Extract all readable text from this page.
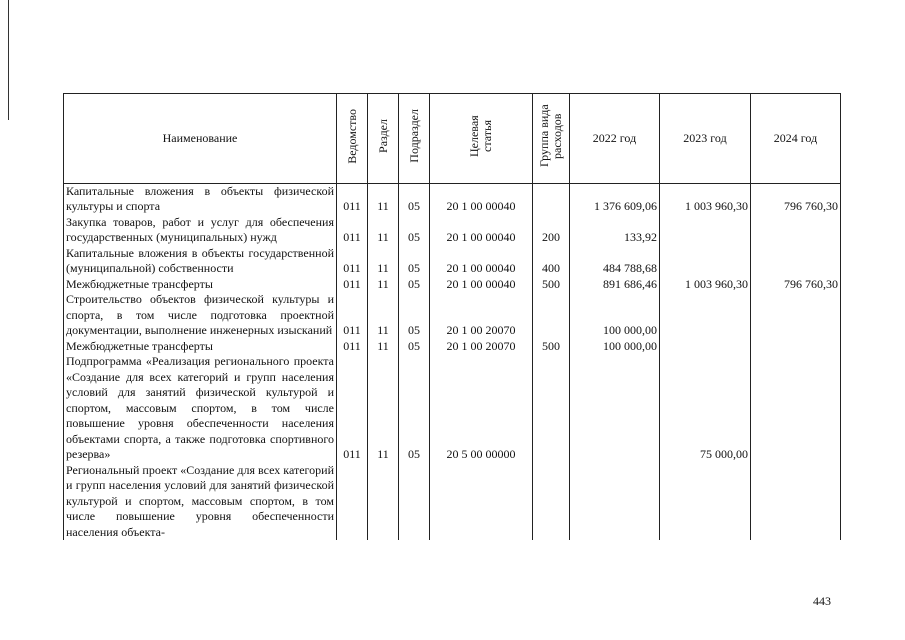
Наименование	Ведомство	Раздел	Подраздел	Целевая статья	Группа вида расходов	2022 год	2023 год	2024 год
Капитальные вложения в объекты физической культуры и спорта	011	11	05	20 1 00 00040		1 376 609,06	1 003 960,30	796 760,30
Закупка товаров, работ и услуг для обеспечения государственных (муниципальных) нужд	011	11	05	20 1 00 00040	200	133,92		
Капитальные вложения в объекты государственной (муниципальной) собственности	011	11	05	20 1 00 00040	400	484 788,68		
Межбюджетные трансферты	011	11	05	20 1 00 00040	500	891 686,46	1 003 960,30	796 760,30
Строительство объектов физической культуры и спорта, в том числе подготовка проектной документации, выполнение инженерных изысканий	011	11	05	20 1 00 20070		100 000,00		
Межбюджетные трансферты	011	11	05	20 1 00 20070	500	100 000,00		
Подпрограмма «Реализация регионального проекта «Создание для всех категорий и групп населения условий для занятий физической культурой и спортом, массовым спортом, в том числе повышение уровня обеспеченности населения объектами спорта, а также подготовка спортивного резерва»	011	11	05	20 5 00 00000			75 000,00	
Региональный проект «Создание для всех категорий и групп населения условий для занятий физической культурой и спортом, массовым спортом, в том числе повышение уровня обеспеченности населения объекта-								
443
